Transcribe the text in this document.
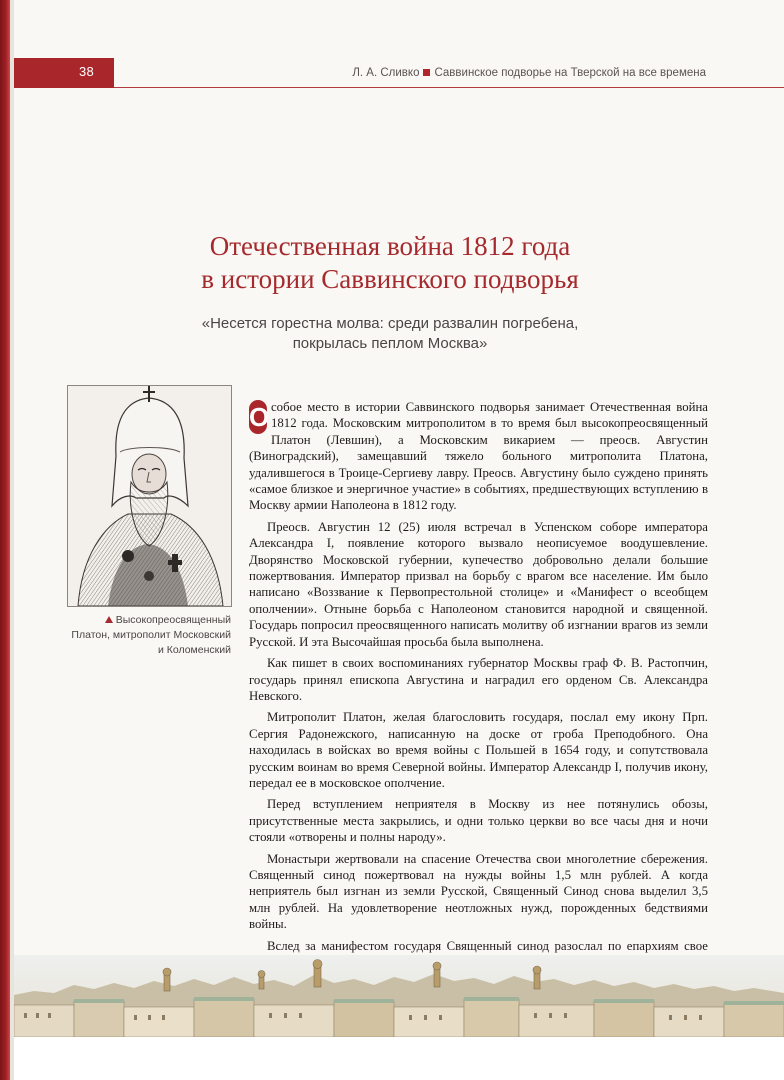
38	Л. А. Сливко Саввинское подворье на Тверской на все времена
Отечественная война 1812 года
в истории Саввинского подворья
«Несется горестна молва: среди развалин погребена,
покрылась пеплом Москва»
Высокопреосвященный
Платон, митрополит Московский
и Коломенский

О собое место в истории Саввинского подворья занимает Отечественная война 1812 года. Московским митрополитом в то время был высокопреосвященный Платон (Левшин), а Московским викарием — преосв. Августин (Виноградский), замещавший тяжело больного митрополита Платона, удалившегося в Троице-Сергиеву лавру. Преосв. Августину было суждено принять «самое близкое и энергичное участие» в событиях, предшествующих вступлению в Москву армии Наполеона в 1812 году.

Преосв. Августин 12 (25) июля встречал в Успенском соборе императора Александра I, появление которого вызвало неописуемое воодушевление. Дворянство Московской губернии, купечество добровольно делали большие пожертвования. Император призвал на борьбу с врагом все население. Им было написано «Воззвание к Первопрестольной столице» и «Манифест о всеобщем ополчении». Отныне борьба с Наполеоном становится народной и священной. Государь попросил преосвященного написать молитву об изгнании врагов из земли Русской. И эта Высочайшая просьба была выполнена.

Как пишет в своих воспоминаниях губернатор Москвы граф Ф. В. Растопчин, государь принял епископа Августина и наградил его орденом Св. Александра Невского.

Митрополит Платон, желая благословить государя, послал ему икону Прп. Сергия Радонежского, написанную на доске от гроба Преподобного. Она находилась в войсках во время войны с Польшей в 1654 году, и сопутствовала русским воинам во время Северной войны. Император Александр I, получив икону, передал ее в московское ополчение.

Перед вступлением неприятеля в Москву из нее потянулись обозы, присутственные места закрылись, и одни только церкви во все часы дня и ночи стояли «отворены и полны народу».

Монастыри жертвовали на спасение Отечества свои многолетние сбережения. Священный синод пожертвовал на нужды войны 1,5 млн рублей. А когда неприятель был изгнан из земли Русской, Священный Синод снова выделил 3,5 млн рублей. На удовлетворение неотложных нужд, порожденных бедствиями войны.

Вслед за манифестом государя Священный синод разослал по епархиям свое
